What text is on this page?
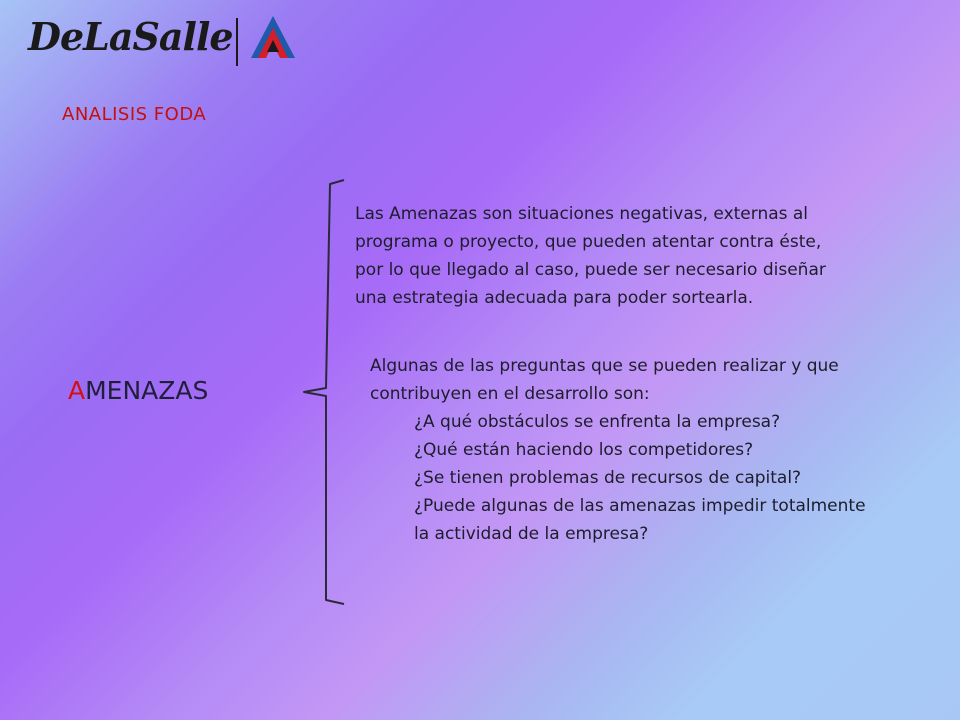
DeLaSalle
ANALISIS FODA
AMENAZAS

Las Amenazas son situaciones negativas, externas al
programa o proyecto, que pueden atentar contra éste,
por lo que llegado al caso, puede ser necesario diseñar
una estrategia adecuada para poder sortearla.

Algunas de las preguntas que se pueden realizar y que
contribuyen en el desarrollo son:

¿A qué obstáculos se enfrenta la empresa?
¿Qué están haciendo los competidores?
¿Se tienen problemas de recursos de capital?
¿Puede algunas de las amenazas impedir totalmente
la actividad de la empresa?
